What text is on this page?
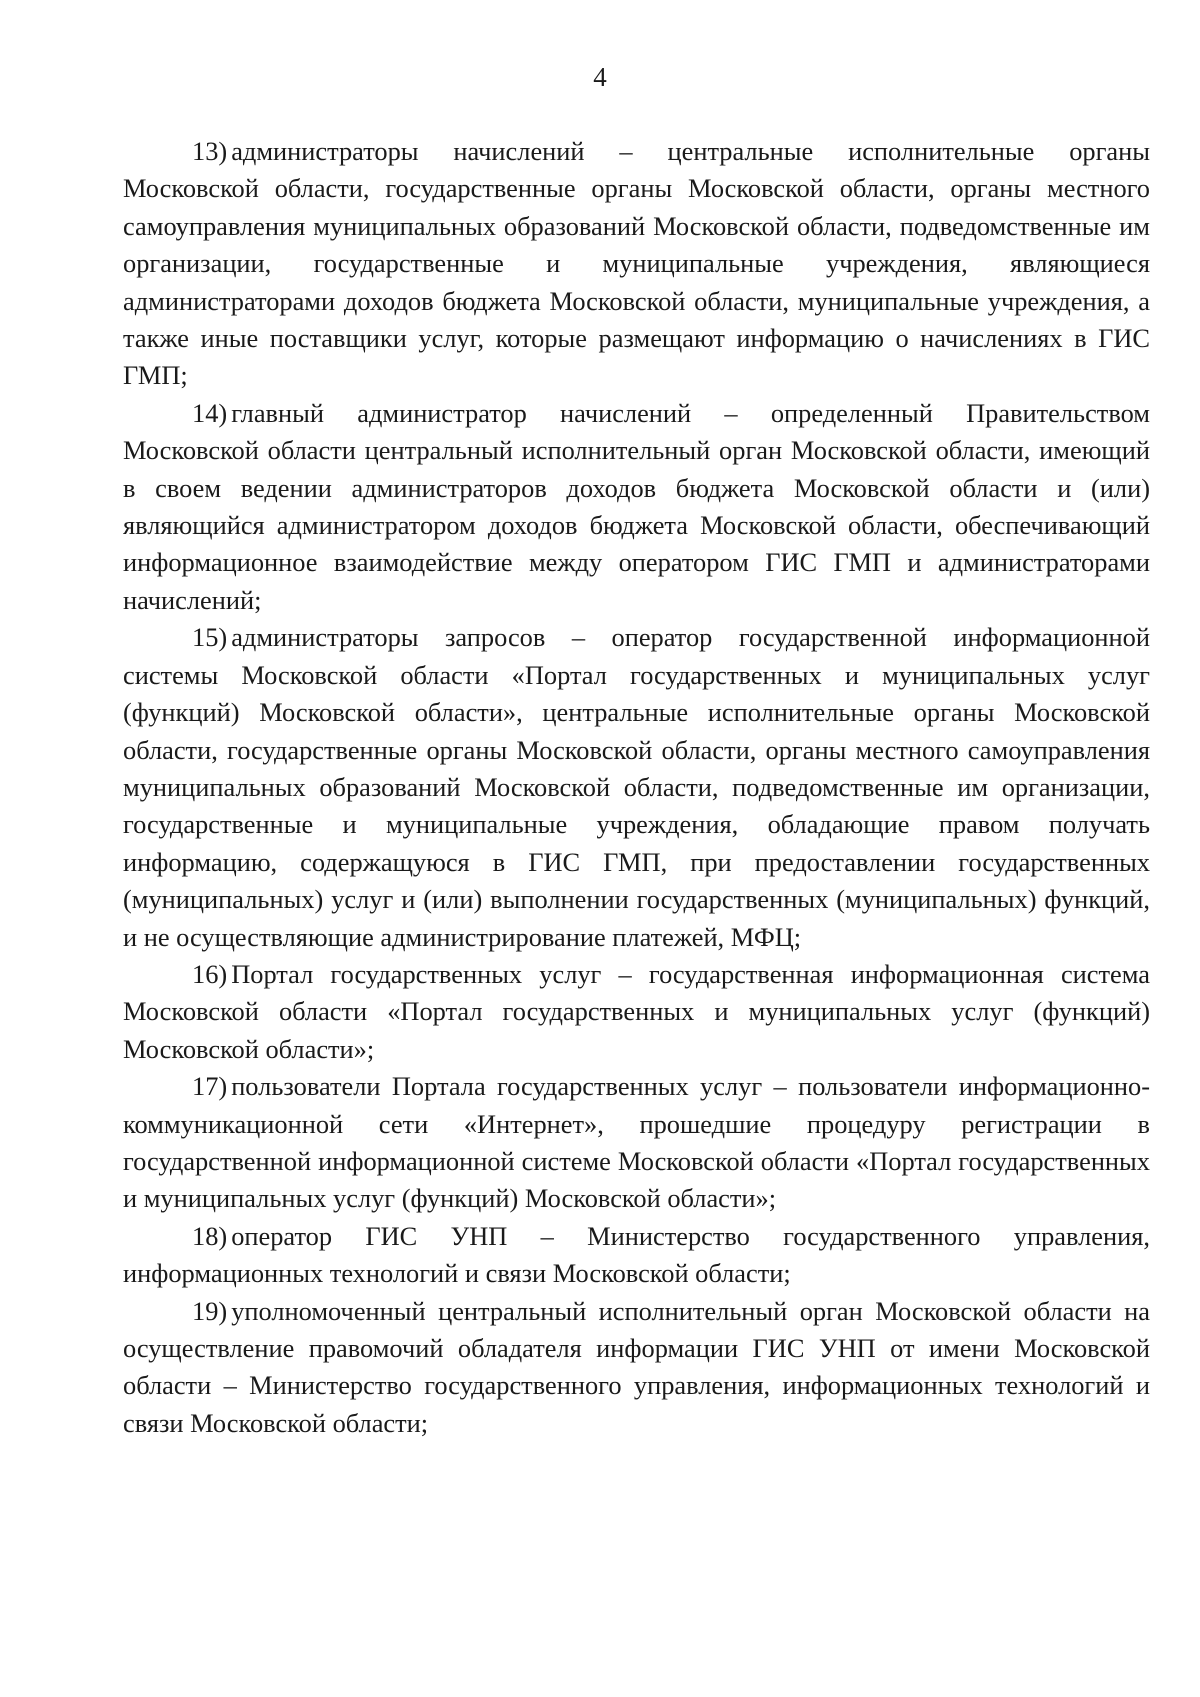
4

13) администраторы начислений – центральные исполнительные органы Московской области, государственные органы Московской области, органы местного самоуправления муниципальных образований Московской области, подведомственные им организации, государственные и муниципальные учреждения, являющиеся администраторами доходов бюджета Московской области, муниципальные учреждения, а также иные поставщики услуг, которые размещают информацию о начислениях в ГИС ГМП;

14) главный администратор начислений – определенный Правительством Московской области центральный исполнительный орган Московской области, имеющий в своем ведении администраторов доходов бюджета Московской области и (или) являющийся администратором доходов бюджета Московской области, обеспечивающий информационное взаимодействие между оператором ГИС ГМП и администраторами начислений;

15) администраторы запросов – оператор государственной информационной системы Московской области «Портал государственных и муниципальных услуг (функций) Московской области», центральные исполнительные органы Московской области, государственные органы Московской области, органы местного самоуправления муниципальных образований Московской области, подведомственные им организации, государственные и муниципальные учреждения, обладающие правом получать информацию, содержащуюся в ГИС ГМП, при предоставлении государственных (муниципальных) услуг и (или) выполнении государственных (муниципальных) функций, и не осуществляющие администрирование платежей, МФЦ;

16) Портал государственных услуг – государственная информационная система Московской области «Портал государственных и муниципальных услуг (функций) Московской области»;

17) пользователи Портала государственных услуг – пользователи информационно-коммуникационной сети «Интернет», прошедшие процедуру регистрации в государственной информационной системе Московской области «Портал государственных и муниципальных услуг (функций) Московской области»;

18) оператор ГИС УНП – Министерство государственного управления, информационных технологий и связи Московской области;

19) уполномоченный центральный исполнительный орган Московской области на осуществление правомочий обладателя информации ГИС УНП от имени Московской области – Министерство государственного управления, информационных технологий и связи Московской области;
